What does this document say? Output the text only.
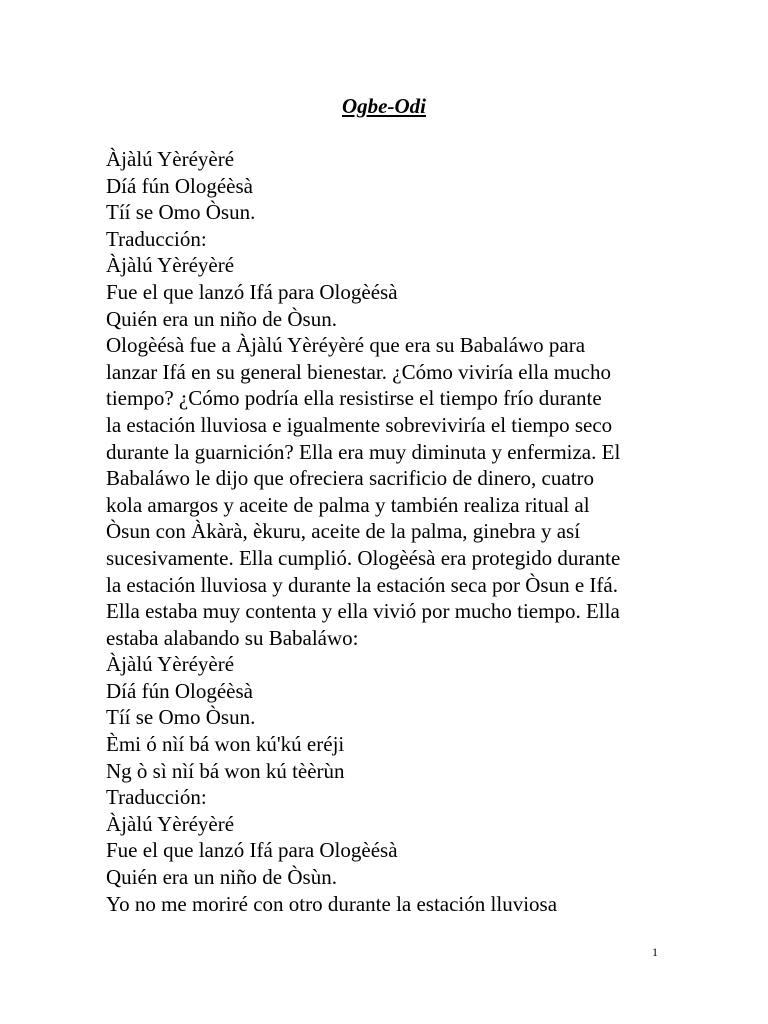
Ogbe-Odi
Àjàlú Yèréyèré
Díá fún Ologéèsà
Tíí se Omo Òsun.
Traducción:
Àjàlú Yèréyèré
Fue el que lanzó Ifá para Ologèésà
Quién era un niño de Òsun.
Ologèésà fue a Àjàlú Yèréyèré que era su Babaláwo para
lanzar Ifá en su general bienestar. ¿Cómo viviría ella mucho
tiempo? ¿Cómo podría ella resistirse el tiempo frío durante
la estación lluviosa e igualmente sobreviviría el tiempo seco
durante la guarnición? Ella era muy diminuta y enfermiza. El
Babaláwo le dijo que ofreciera sacrificio de dinero, cuatro
kola amargos y aceite de palma y también realiza ritual al
Òsun con Àkàrà, èkuru, aceite de la palma, ginebra y así
sucesivamente. Ella cumplió. Ologèésà era protegido durante
la estación lluviosa y durante la estación seca por Òsun e Ifá.
Ella estaba muy contenta y ella vivió por mucho tiempo. Ella
estaba alabando su Babaláwo:
Àjàlú Yèréyèré
Díá fún Ologéèsà
Tíí se Omo Òsun.
Èmi ó nìí bá won kú'kú eréji
Ng ò sì nìí bá won kú tèèrùn
Traducción:
Àjàlú Yèréyèré
Fue el que lanzó Ifá para Ologèésà
Quién era un niño de Òsùn.
Yo no me moriré con otro durante la estación lluviosa
1
